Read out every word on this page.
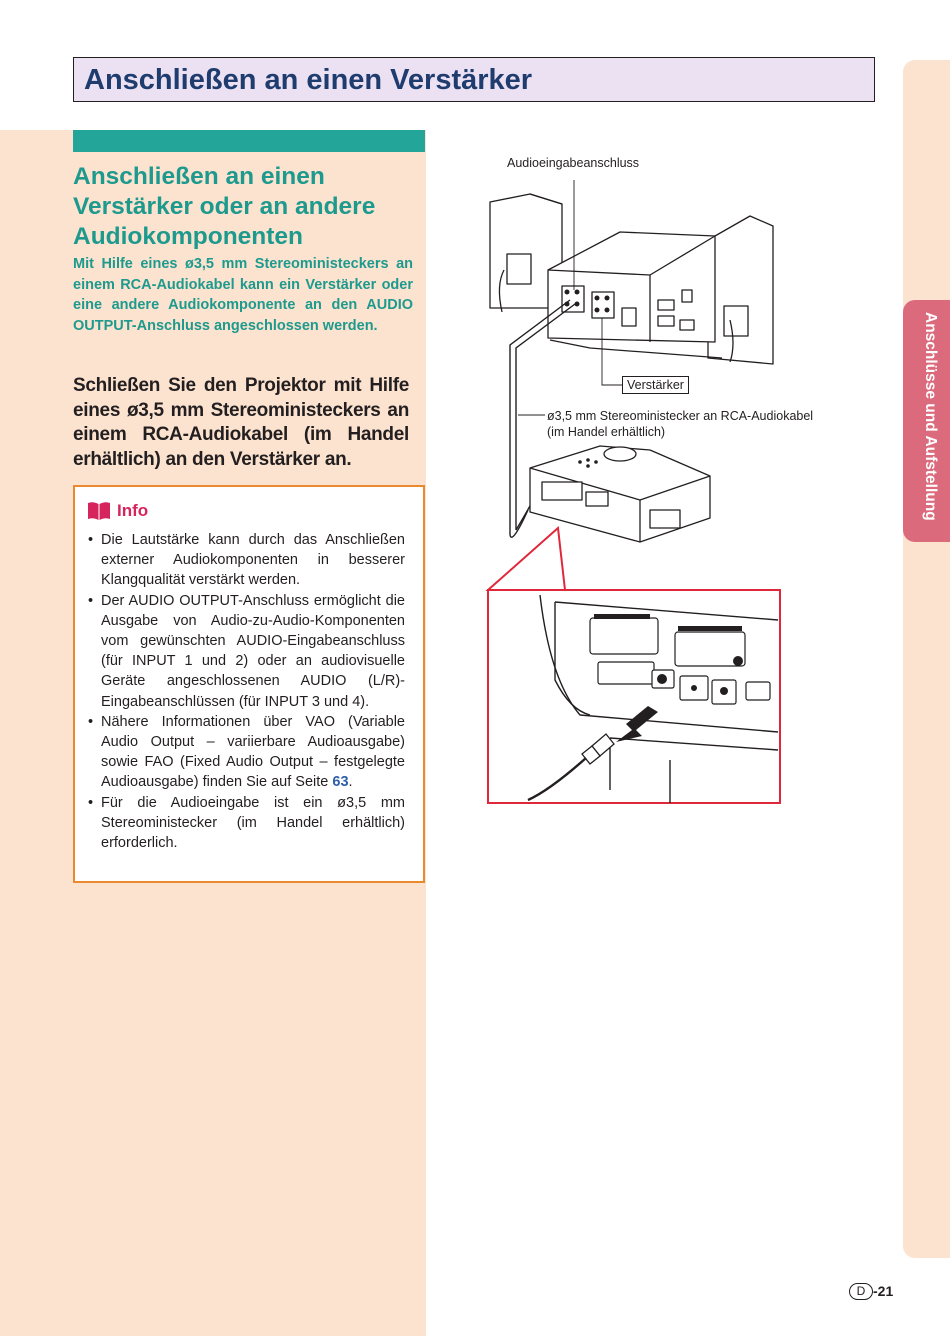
Anschließen an einen Verstärker
Anschließen an einen Verstärker oder an andere Audiokomponenten

Mit Hilfe eines ø3,5 mm Stereoministeckers an einem RCA-Audiokabel kann ein Verstärker oder eine andere Audiokomponente an den AUDIO OUTPUT-Anschluss angeschlossen werden.

Schließen Sie den Projektor mit Hilfe eines ø3,5 mm Stereoministeckers an einem RCA-Audiokabel (im Handel erhältlich) an den Verstärker an.

Info
• Die Lautstärke kann durch das Anschließen externer Audiokomponenten in besserer Klangqualität verstärkt werden.
• Der AUDIO OUTPUT-Anschluss ermöglicht die Ausgabe von Audio-zu-Audio-Komponenten vom gewünschten AUDIO-Eingabeanschluss (für INPUT 1 und 2) oder an audiovisuelle Geräte angeschlossenen AUDIO (L/R)-Eingabeanschlüssen (für INPUT 3 und 4).
• Nähere Informationen über VAO (Variable Audio Output – variierbare Audioausgabe) sowie FAO (Fixed Audio Output – festgelegte Audioausgabe) finden Sie auf Seite 63.
• Für die Audioeingabe ist ein ø3,5 mm Stereoministecker (im Handel erhältlich) erforderlich.
Audioeingabeanschluss
Verstärker
ø3,5 mm Stereoministecker an RCA-Audiokabel
(im Handel erhältlich)	Anschlüsse und Aufstellung
D -21
